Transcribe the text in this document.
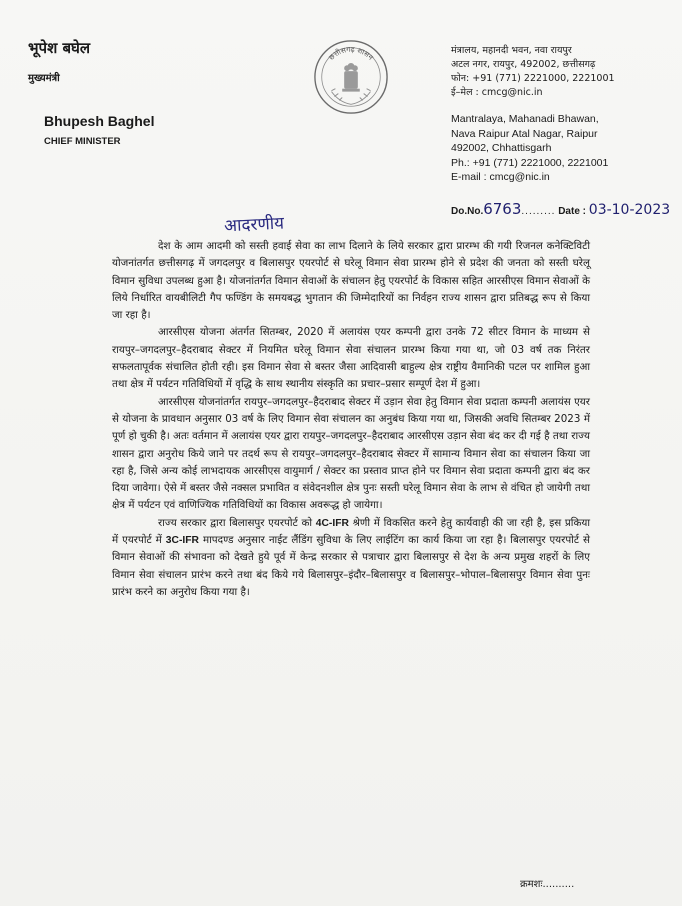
भूपेश बघेल
मुख्यमंत्री
Bhupesh Baghel
CHIEF MINISTER
छत्तीसगढ़ शासन
मंत्रालय, महानदी भवन, नवा रायपुर
अटल नगर, रायपुर, 492002, छत्तीसगढ़
फोन: +91 (771) 2221000, 2221001
ई–मेल : cmcg@nic.in
Mantralaya, Mahanadi Bhawan,
Nava Raipur Atal Nagar, Raipur
492002, Chhattisgarh
Ph.: +91 (771) 2221000, 2221001
E-mail : cmcg@nic.in
Do.No.6763......... Date : 03-10-2023
आदरणीय

देश के आम आदमी को सस्ती हवाई सेवा का लाभ दिलाने के लिये सरकार द्वारा प्रारम्भ की गयी रिजनल कनेक्टिविटी योजनांतर्गत छत्तीसगढ़ में जगदलपुर व बिलासपुर एयरपोर्ट से घरेलू विमान सेवा प्रारम्भ होने से प्रदेश की जनता को सस्ती घरेलू विमान सुविधा उपलब्ध हुआ है। योजनांतर्गत विमान सेवाओं के संचालन हेतु एयरपोर्ट के विकास सहित आरसीएस विमान सेवाओं के लिये निर्धारित वायबीलिटी गैप फण्डिंग के समयबद्ध भुगतान की जिम्मेदारियों का निर्वहन राज्य शासन द्वारा प्रतिबद्ध रूप से किया जा रहा है।

आरसीएस योजना अंतर्गत सितम्बर, 2020 में अलायंस एयर कम्पनी द्वारा उनके 72 सीटर विमान के माध्यम से रायपुर–जगदलपुर–हैदराबाद सेक्टर में नियमित घरेलू विमान सेवा संचालन प्रारम्भ किया गया था, जो 03 वर्ष तक निरंतर सफलतापूर्वक संचालित होती रही। इस विमान सेवा से बस्तर जैसा आदिवासी बाहुल्य क्षेत्र राष्ट्रीय वैमानिकी पटल पर शामिल हुआ तथा क्षेत्र में पर्यटन गतिविधियों में वृद्धि के साथ स्थानीय संस्कृति का प्रचार–प्रसार सम्पूर्ण देश में हुआ।

आरसीएस योजनांतर्गत रायपुर–जगदलपुर–हैदराबाद सेक्टर में उड़ान सेवा हेतु विमान सेवा प्रदाता कम्पनी अलायंस एयर से योजना के प्रावधान अनुसार 03 वर्ष के लिए विमान सेवा संचालन का अनुबंध किया गया था, जिसकी अवधि सितम्बर 2023 में पूर्ण हो चुकी है। अतः वर्तमान में अलायंस एयर द्वारा रायपुर–जगदलपुर–हैदराबाद आरसीएस उड़ान सेवा बंद कर दी गई है तथा राज्य शासन द्वारा अनुरोध किये जाने पर तदर्थ रूप से रायपुर–जगदलपुर–हैदराबाद सेक्टर में सामान्य विमान सेवा का संचालन किया जा रहा है, जिसे अन्य कोई लाभदायक आरसीएस वायुमार्ग / सेक्टर का प्रस्ताव प्राप्त होने पर विमान सेवा प्रदाता कम्पनी द्वारा बंद कर दिया जावेगा। ऐसे में बस्तर जैसे नक्सल प्रभावित व संवेदनशील क्षेत्र पुनः सस्ती घरेलू विमान सेवा के लाभ से वंचित हो जायेगी तथा क्षेत्र में पर्यटन एवं वाणिज्यिक गतिविधियों का विकास अवरूद्ध हो जायेगा।

राज्य सरकार द्वारा बिलासपुर एयरपोर्ट को 4C-IFR श्रेणी में विकसित करने हेतु कार्यवाही की जा रही है, इस प्रकिया में एयरपोर्ट में 3C-IFR मापदण्ड अनुसार नाईट लैंडिंग सुविधा के लिए लाईटिंग का कार्य किया जा रहा है। बिलासपुर एयरपोर्ट से विमान सेवाओं की संभावना को देखते हुये पूर्व में केन्द्र सरकार से पत्राचार द्वारा बिलासपुर से देश के अन्य प्रमुख शहरों के लिए विमान सेवा संचालन प्रारंभ करने तथा बंद किये गये बिलासपुर–इंदौर–बिलासपुर व बिलासपुर–भोपाल–बिलासपुर विमान सेवा पुनः प्रारंभ करने का अनुरोध किया गया है।

क्रमशः..........
